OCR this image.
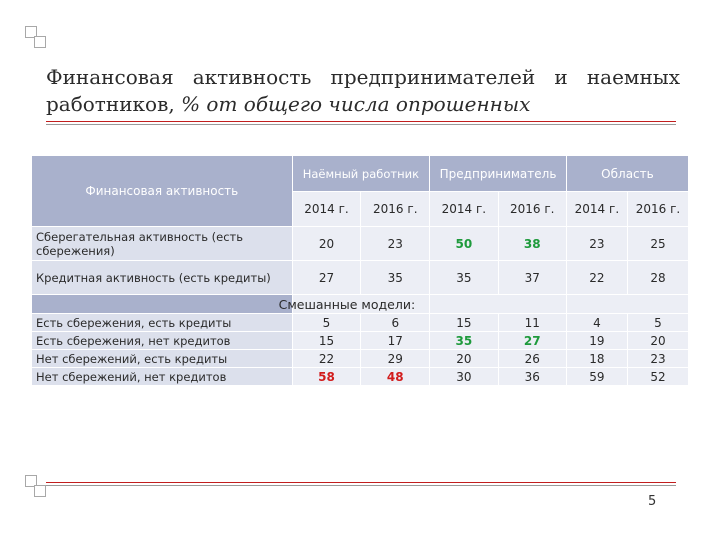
Финансовая активность предпринимателей и наемных
работников, % от общего числа опрошенных
Финансовая активность	Наёмный работник		Предприниматель		Область	
	2014 г.	2016 г.	2014 г.	2016 г.	2014 г.	2016 г.
Сберегательная активность (есть сбережения)	20	23	50	38	23	25
Кредитная активность (есть кредиты)	27	35	35	37	22	28
	Смешанные модели:					
Есть сбережения, есть кредиты	5	6	15	11	4	5
Есть сбережения, нет кредитов	15	17	35	27	19	20
Нет сбережений, есть кредиты	22	29	20	26	18	23
Нет сбережений, нет кредитов	58	48	30	36	59	52
5
